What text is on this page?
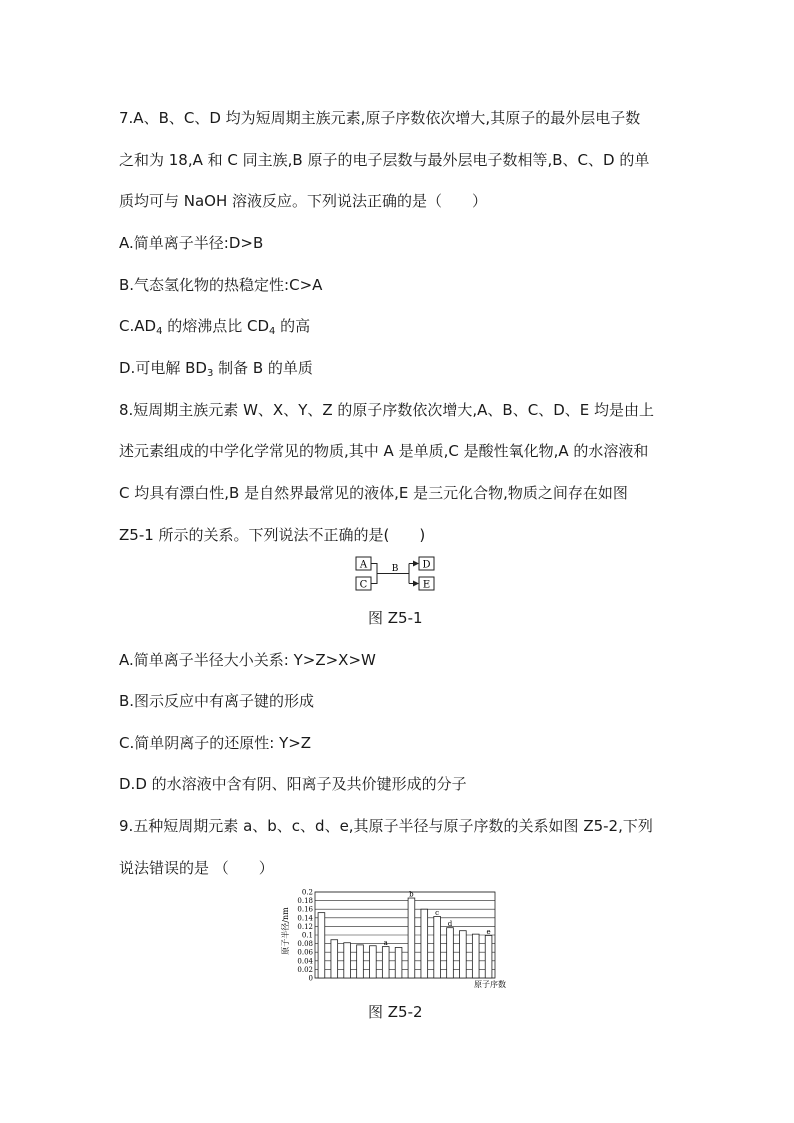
7.A、B、C、D 均为短周期主族元素,原子序数依次增大,其原子的最外层电子数
之和为 18,A 和 C 同主族,B 原子的电子层数与最外层电子数相等,B、C、D 的单
质均可与 NaOH 溶液反应。下列说法正确的是（　　）
A.简单离子半径:D>B
B.气态氢化物的热稳定性:C>A
$C.AD_4$ 的熔沸点比 $CD_4$ 的高
D.可电解 $BD_3$ 制备 B 的单质
8.短周期主族元素 W、X、Y、Z 的原子序数依次增大,A、B、C、D、E 均是由上
述元素组成的中学化学常见的物质,其中 A 是单质,C 是酸性氧化物,A 的水溶液和
C 均具有漂白性,B 是自然界最常见的液体,E 是三元化合物,物质之间存在如图
Z5-1 所示的关系。下列说法不正确的是(　　)
A
C
B D
E
图 Z5-1
A.简单离子半径大小关系: Y>Z>X>W
B.图示反应中有离子键的形成
C.简单阴离子的还原性: Y>Z
D.D 的水溶液中含有阴、阳离子及共价键形成的分子
9.五种短周期元素 a、b、c、d、e,其原子半径与原子序数的关系如图 Z5-2,下列
说法错误的是 （　　）
0.2
0.18
0.16
0.14
0.12
0.1
0.08
0.06
0.04
0.02
0
a
b
c
d
e
原子半径/nm
原子序数
图 Z5-2
